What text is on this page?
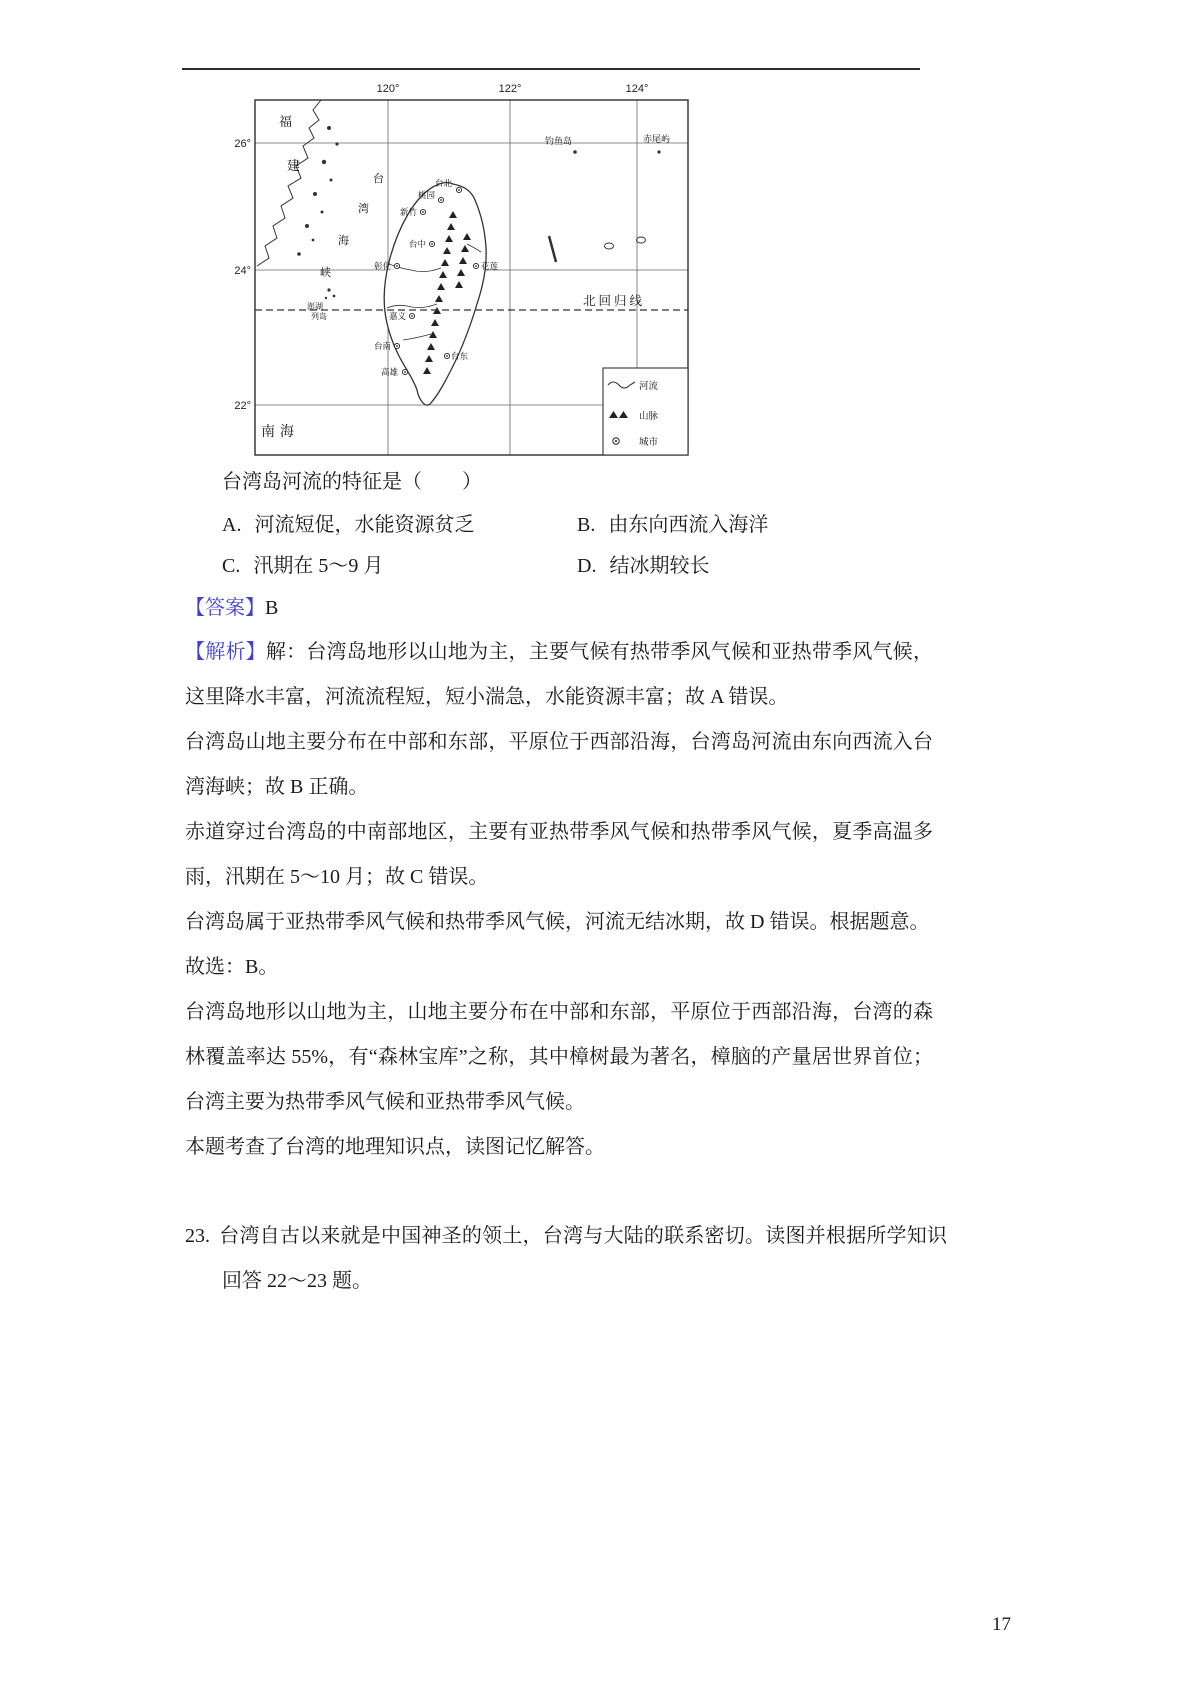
120°	122°	124°
26°
24°
22°
北回归线
福
建
钓鱼岛	赤尾屿
台
湾
海
峡
澎湖
列岛
南海
台北
桃园
新竹
台中
彰化	花莲
嘉义
台南
高雄
台东
河流
山脉
城市
台湾岛河流的特征是（　　）
A. 河流短促，水能资源贫乏	B. 由东向西流入海洋
C. 汛期在 5～9 月	D. 结冰期较长
【答案】B

【解析】解：台湾岛地形以山地为主，主要气候有热带季风气候和亚热带季风气候，这里降水丰富，河流流程短，短小湍急，水能资源丰富；故 A 错误。

台湾岛山地主要分布在中部和东部，平原位于西部沿海，台湾岛河流由东向西流入台湾海峡；故 B 正确。

赤道穿过台湾岛的中南部地区，主要有亚热带季风气候和热带季风气候，夏季高温多雨，汛期在 5～10 月；故 C 错误。

台湾岛属于亚热带季风气候和热带季风气候，河流无结冰期，故 D 错误。根据题意。

故选：B。

台湾岛地形以山地为主，山地主要分布在中部和东部，平原位于西部沿海，台湾的森林覆盖率达 55%，有“森林宝库”之称，其中樟树最为著名，樟脑的产量居世界首位；台湾主要为热带季风气候和亚热带季风气候。

本题考查了台湾的地理知识点，读图记忆解答。

23. 台湾自古以来就是中国神圣的领土，台湾与大陆的联系密切。读图并根据所学知识回答 22～23 题。

17
